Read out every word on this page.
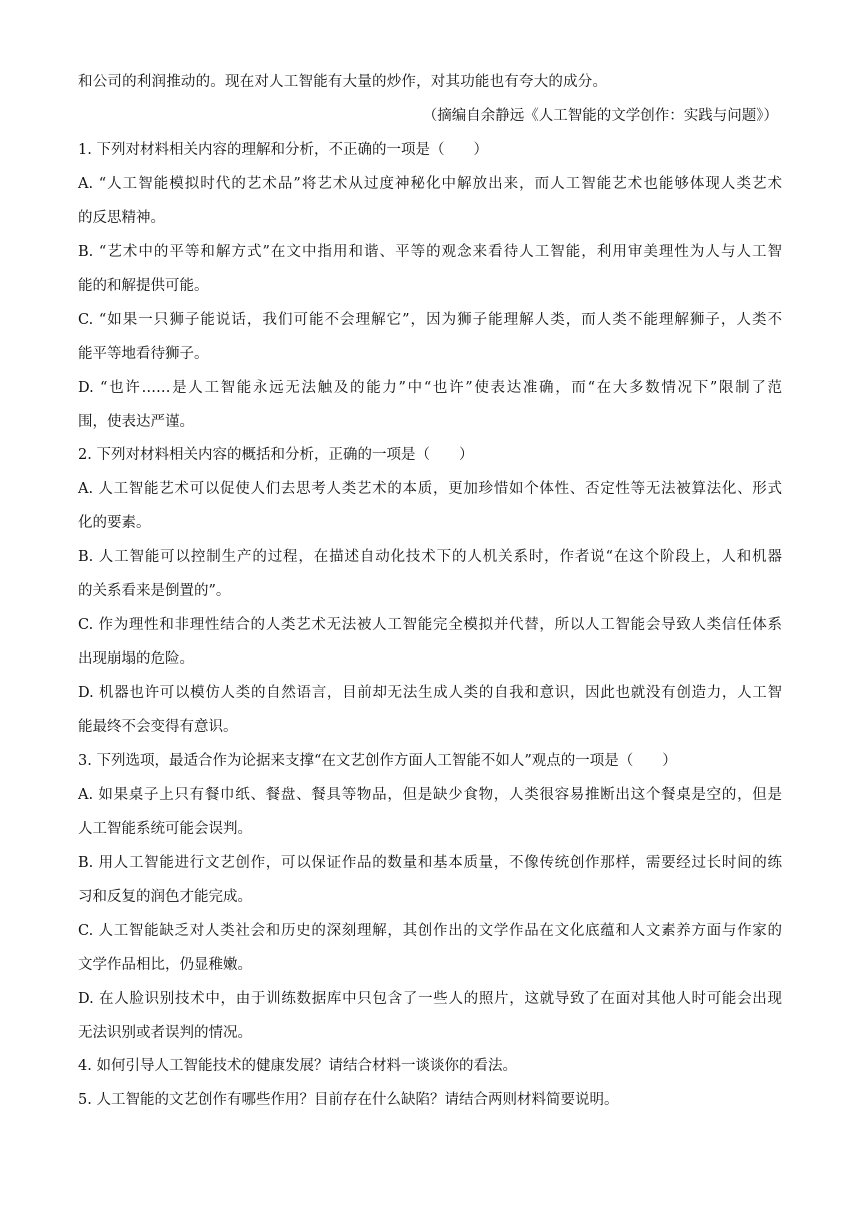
和公司的利润推动的。现在对人工智能有大量的炒作，对其功能也有夸大的成分。
（摘编自余静远《人工智能的文学创作：实践与问题》）
1. 下列对材料相关内容的理解和分析，不正确的一项是（　　）
A. “人工智能模拟时代的艺术品”将艺术从过度神秘化中解放出来，而人工智能艺术也能够体现人类艺术
的反思精神。
B. “艺术中的平等和解方式”在文中指用和谐、平等的观念来看待人工智能，利用审美理性为人与人工智
能的和解提供可能。
C. “如果一只狮子能说话，我们可能不会理解它”，因为狮子能理解人类，而人类不能理解狮子，人类不
能平等地看待狮子。
D. “也许……是人工智能永远无法触及的能力”中“也许”使表达准确，而“在大多数情况下”限制了范
围，使表达严谨。
2. 下列对材料相关内容的概括和分析，正确的一项是（　　）
A. 人工智能艺术可以促使人们去思考人类艺术的本质，更加珍惜如个体性、否定性等无法被算法化、形式
化的要素。
B. 人工智能可以控制生产的过程，在描述自动化技术下的人机关系时，作者说“在这个阶段上，人和机器
的关系看来是倒置的”。
C. 作为理性和非理性结合的人类艺术无法被人工智能完全模拟并代替，所以人工智能会导致人类信任体系
出现崩塌的危险。
D. 机器也许可以模仿人类的自然语言，目前却无法生成人类的自我和意识，因此也就没有创造力，人工智
能最终不会变得有意识。
3. 下列选项，最适合作为论据来支撑“在文艺创作方面人工智能不如人”观点的一项是（　　）
A. 如果桌子上只有餐巾纸、餐盘、餐具等物品，但是缺少食物，人类很容易推断出这个餐桌是空的，但是
人工智能系统可能会误判。
B. 用人工智能进行文艺创作，可以保证作品的数量和基本质量，不像传统创作那样，需要经过长时间的练
习和反复的润色才能完成。
C. 人工智能缺乏对人类社会和历史的深刻理解，其创作出的文学作品在文化底蕴和人文素养方面与作家的
文学作品相比，仍显稚嫩。
D. 在人脸识别技术中，由于训练数据库中只包含了一些人的照片，这就导致了在面对其他人时可能会出现
无法识别或者误判的情况。
4. 如何引导人工智能技术的健康发展？请结合材料一谈谈你的看法。
5. 人工智能的文艺创作有哪些作用？目前存在什么缺陷？请结合两则材料简要说明。
